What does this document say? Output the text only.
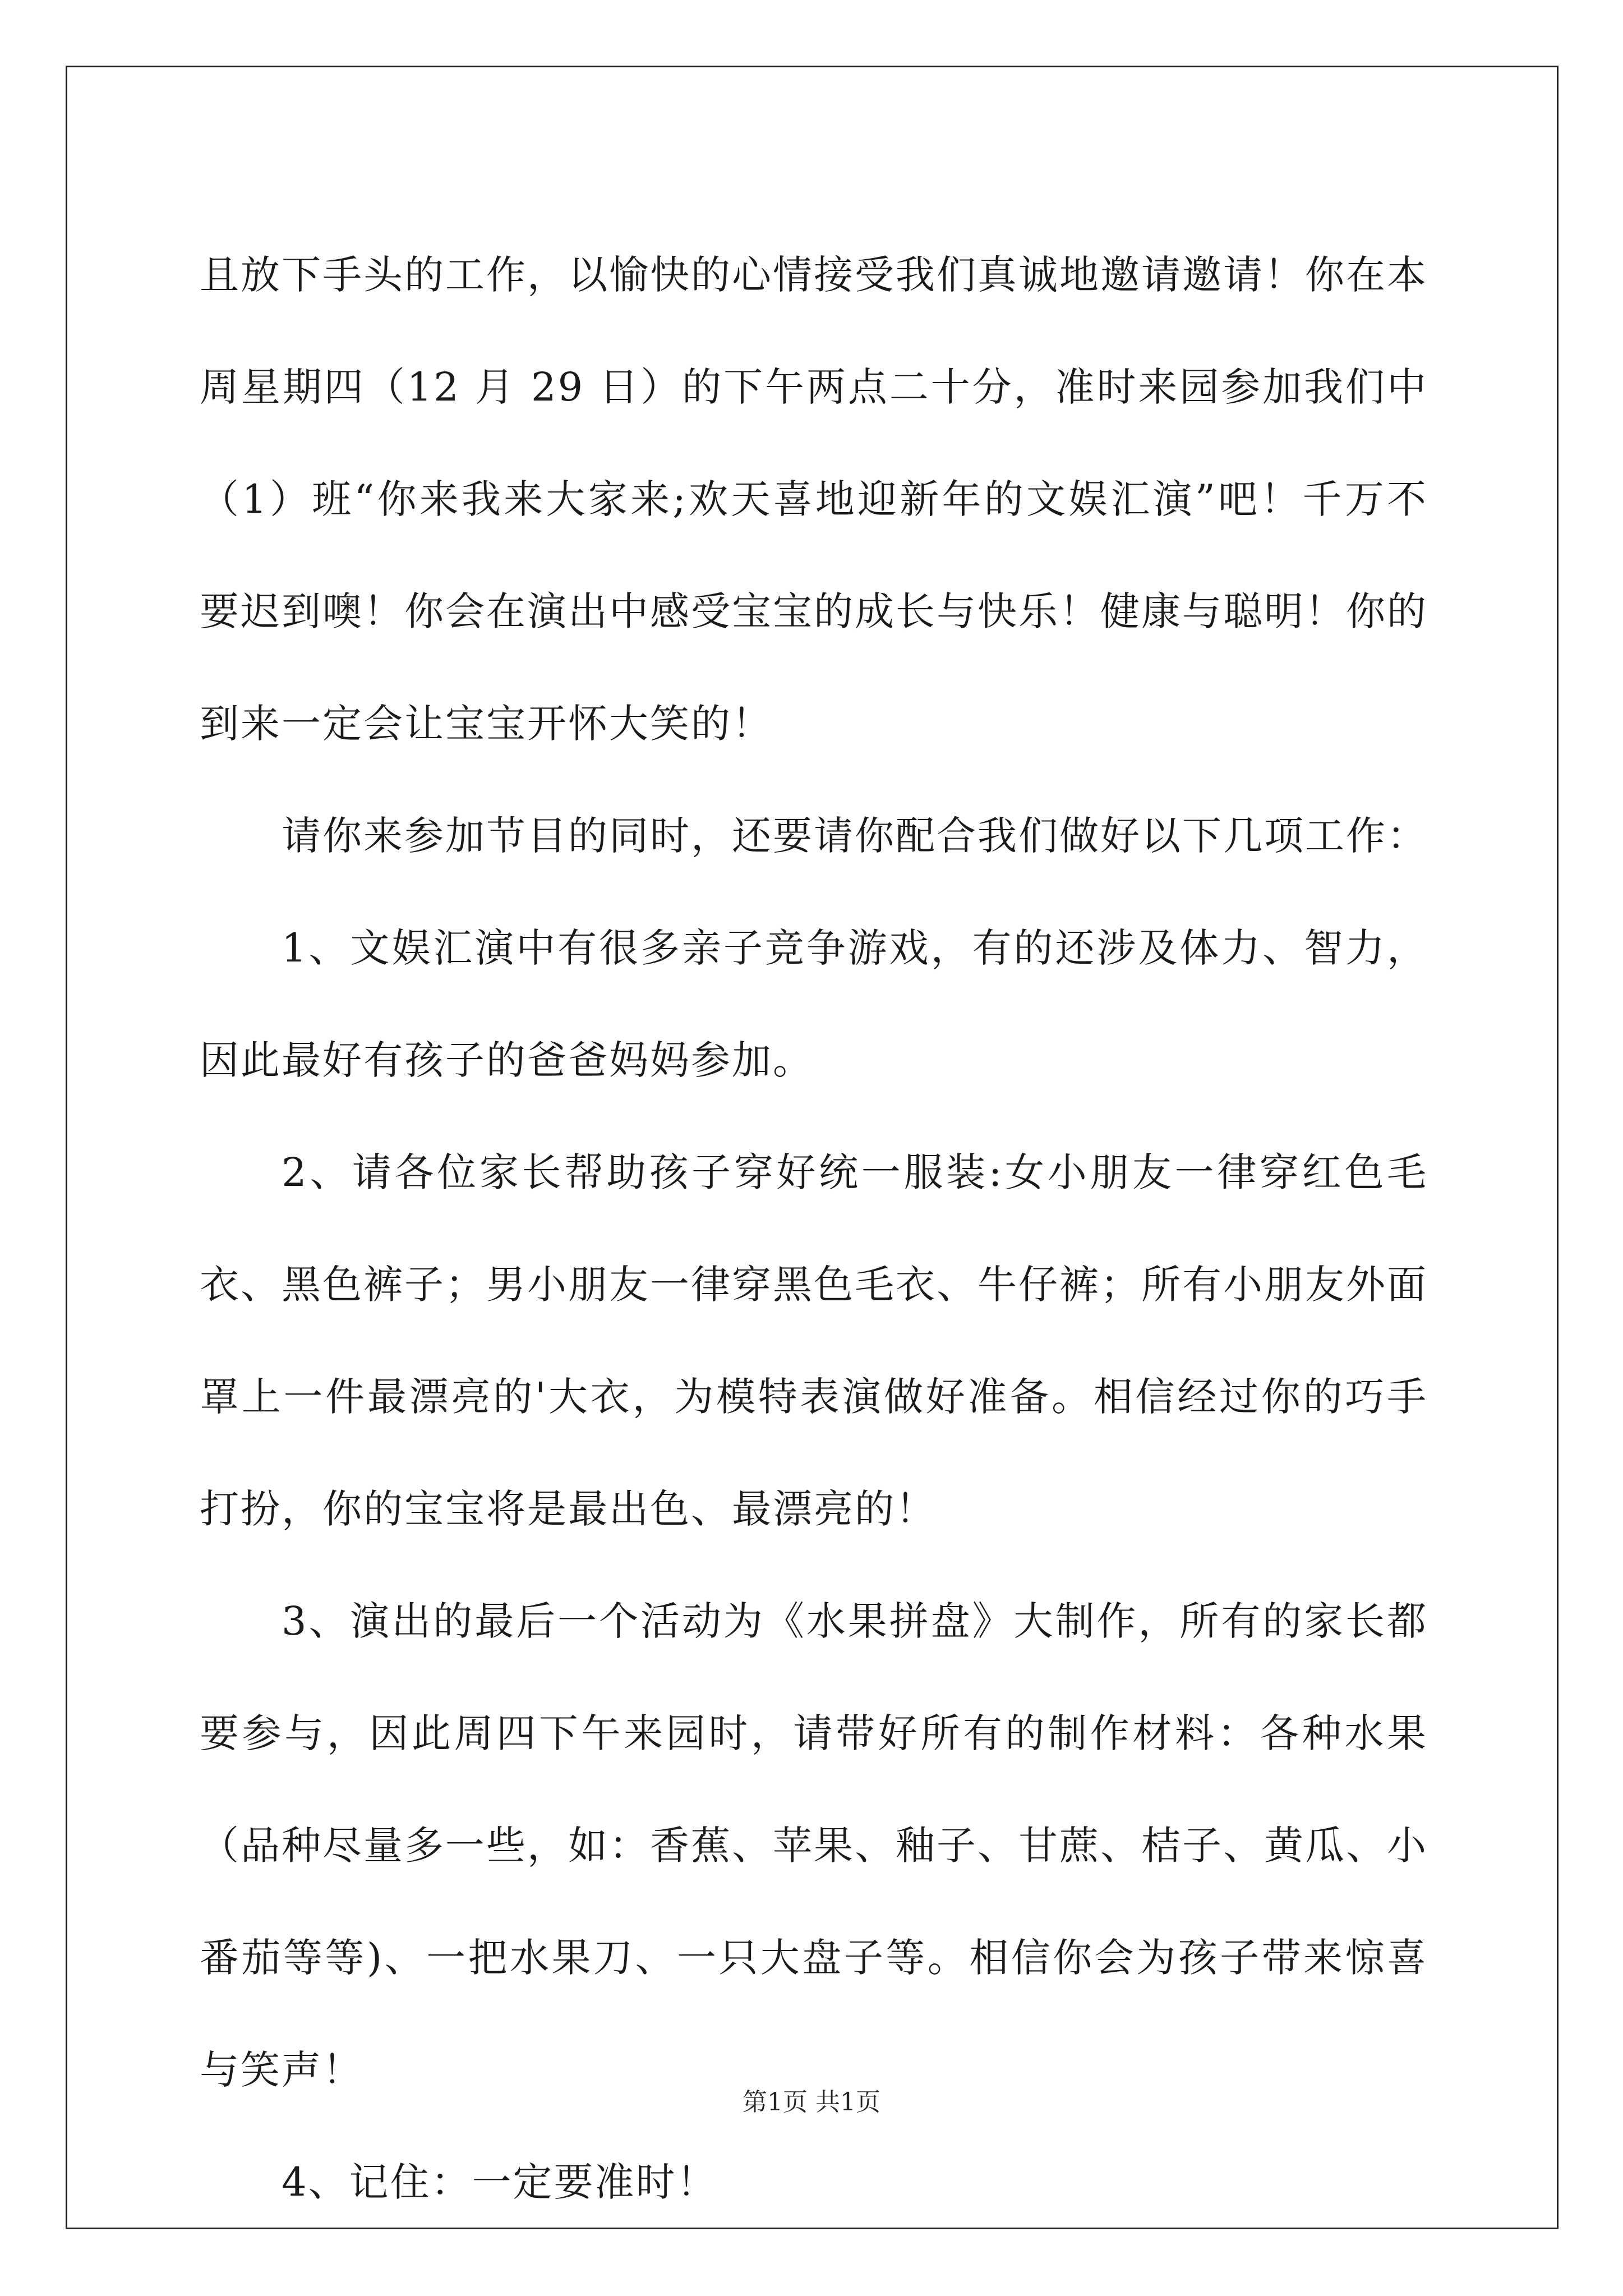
且放下手头的工作，以愉快的心情接受我们真诚地邀请邀请！你在本周星期四（12 月 29 日）的下午两点二十分，准时来园参加我们中（1）班“你来我来大家来;欢天喜地迎新年的文娱汇演”吧！千万不要迟到噢！你会在演出中感受宝宝的成长与快乐！健康与聪明！你的到来一定会让宝宝开怀大笑的！

请你来参加节目的同时，还要请你配合我们做好以下几项工作：

1、文娱汇演中有很多亲子竞争游戏，有的还涉及体力、智力，因此最好有孩子的爸爸妈妈参加。

2、请各位家长帮助孩子穿好统一服装:女小朋友一律穿红色毛衣、黑色裤子；男小朋友一律穿黑色毛衣、牛仔裤；所有小朋友外面罩上一件最漂亮的'大衣，为模特表演做好准备。相信经过你的巧手打扮，你的宝宝将是最出色、最漂亮的！

3、演出的最后一个活动为《水果拼盘》大制作，所有的家长都要参与，因此周四下午来园时，请带好所有的制作材料：各种水果（品种尽量多一些，如：香蕉、苹果、釉子、甘蔗、桔子、黄瓜、小番茄等等)、一把水果刀、一只大盘子等。相信你会为孩子带来惊喜与笑声！

4、记住：一定要准时！

第1页 共1页
